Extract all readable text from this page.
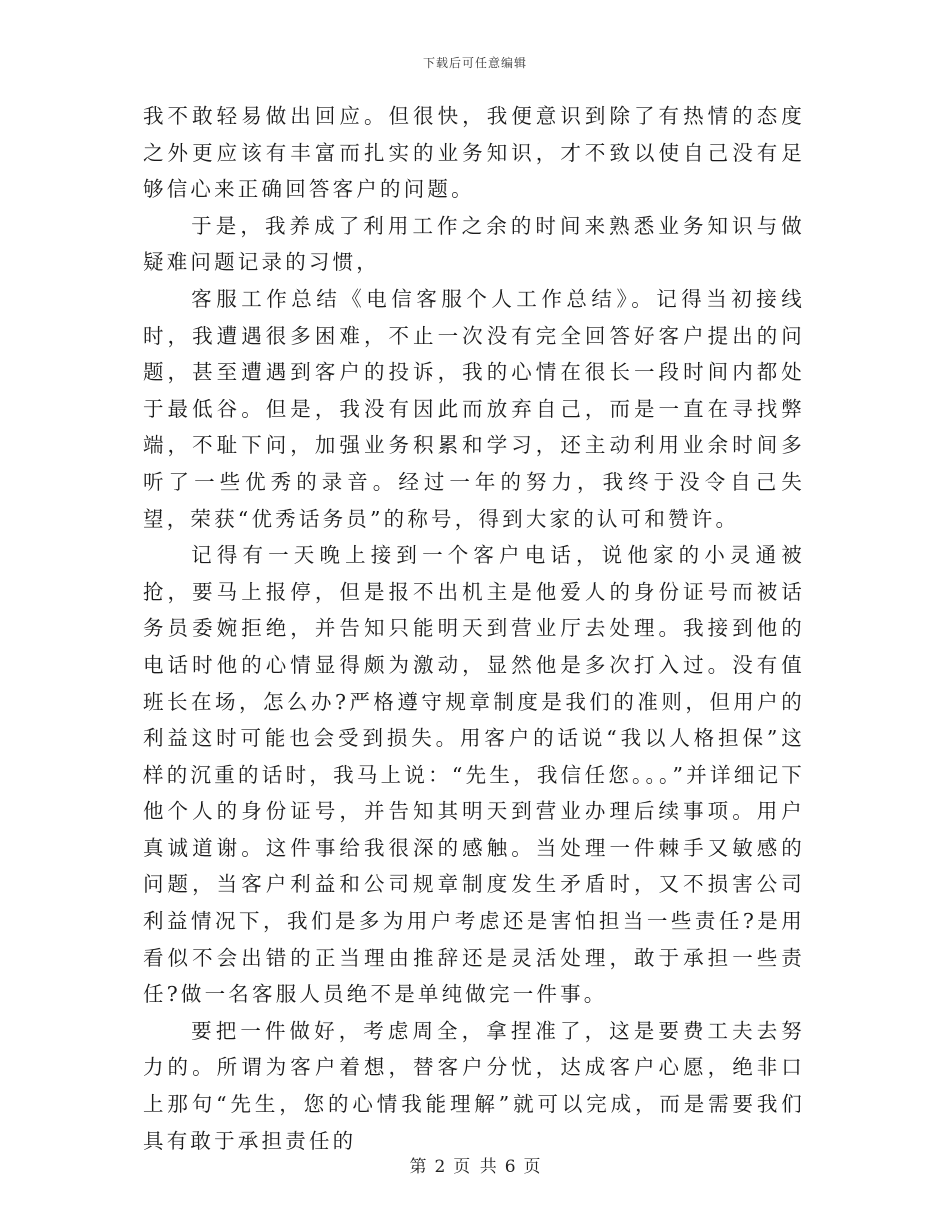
下载后可任意编辑

我不敢轻易做出回应。但很快，我便意识到除了有热情的态度之外更应该有丰富而扎实的业务知识，才不致以使自己没有足够信心来正确回答客户的问题。

于是，我养成了利用工作之余的时间来熟悉业务知识与做疑难问题记录的习惯，

客服工作总结《电信客服个人工作总结》。记得当初接线时，我遭遇很多困难，不止一次没有完全回答好客户提出的问题，甚至遭遇到客户的投诉，我的心情在很长一段时间内都处于最低谷。但是，我没有因此而放弃自己，而是一直在寻找弊端，不耻下问，加强业务积累和学习，还主动利用业余时间多听了一些优秀的录音。经过一年的努力，我终于没令自己失望，荣获“优秀话务员”的称号，得到大家的认可和赞许。

记得有一天晚上接到一个客户电话，说他家的小灵通被抢，要马上报停，但是报不出机主是他爱人的身份证号而被话务员委婉拒绝，并告知只能明天到营业厅去处理。我接到他的电话时他的心情显得颇为激动，显然他是多次打入过。没有值班长在场，怎么办?严格遵守规章制度是我们的准则，但用户的利益这时可能也会受到损失。用客户的话说“我以人格担保”这样的沉重的话时，我马上说：“先生，我信任您。。。”并详细记下他个人的身份证号，并告知其明天到营业办理后续事项。用户真诚道谢。这件事给我很深的感触。当处理一件棘手又敏感的问题，当客户利益和公司规章制度发生矛盾时，又不损害公司利益情况下，我们是多为用户考虑还是害怕担当一些责任?是用看似不会出错的正当理由推辞还是灵活处理，敢于承担一些责任?做一名客服人员绝不是单纯做完一件事。

要把一件做好，考虑周全，拿捏准了，这是要费工夫去努力的。所谓为客户着想，替客户分忧，达成客户心愿，绝非口上那句“先生，您的心情我能理解”就可以完成，而是需要我们具有敢于承担责任的

第 2 页 共 6 页
